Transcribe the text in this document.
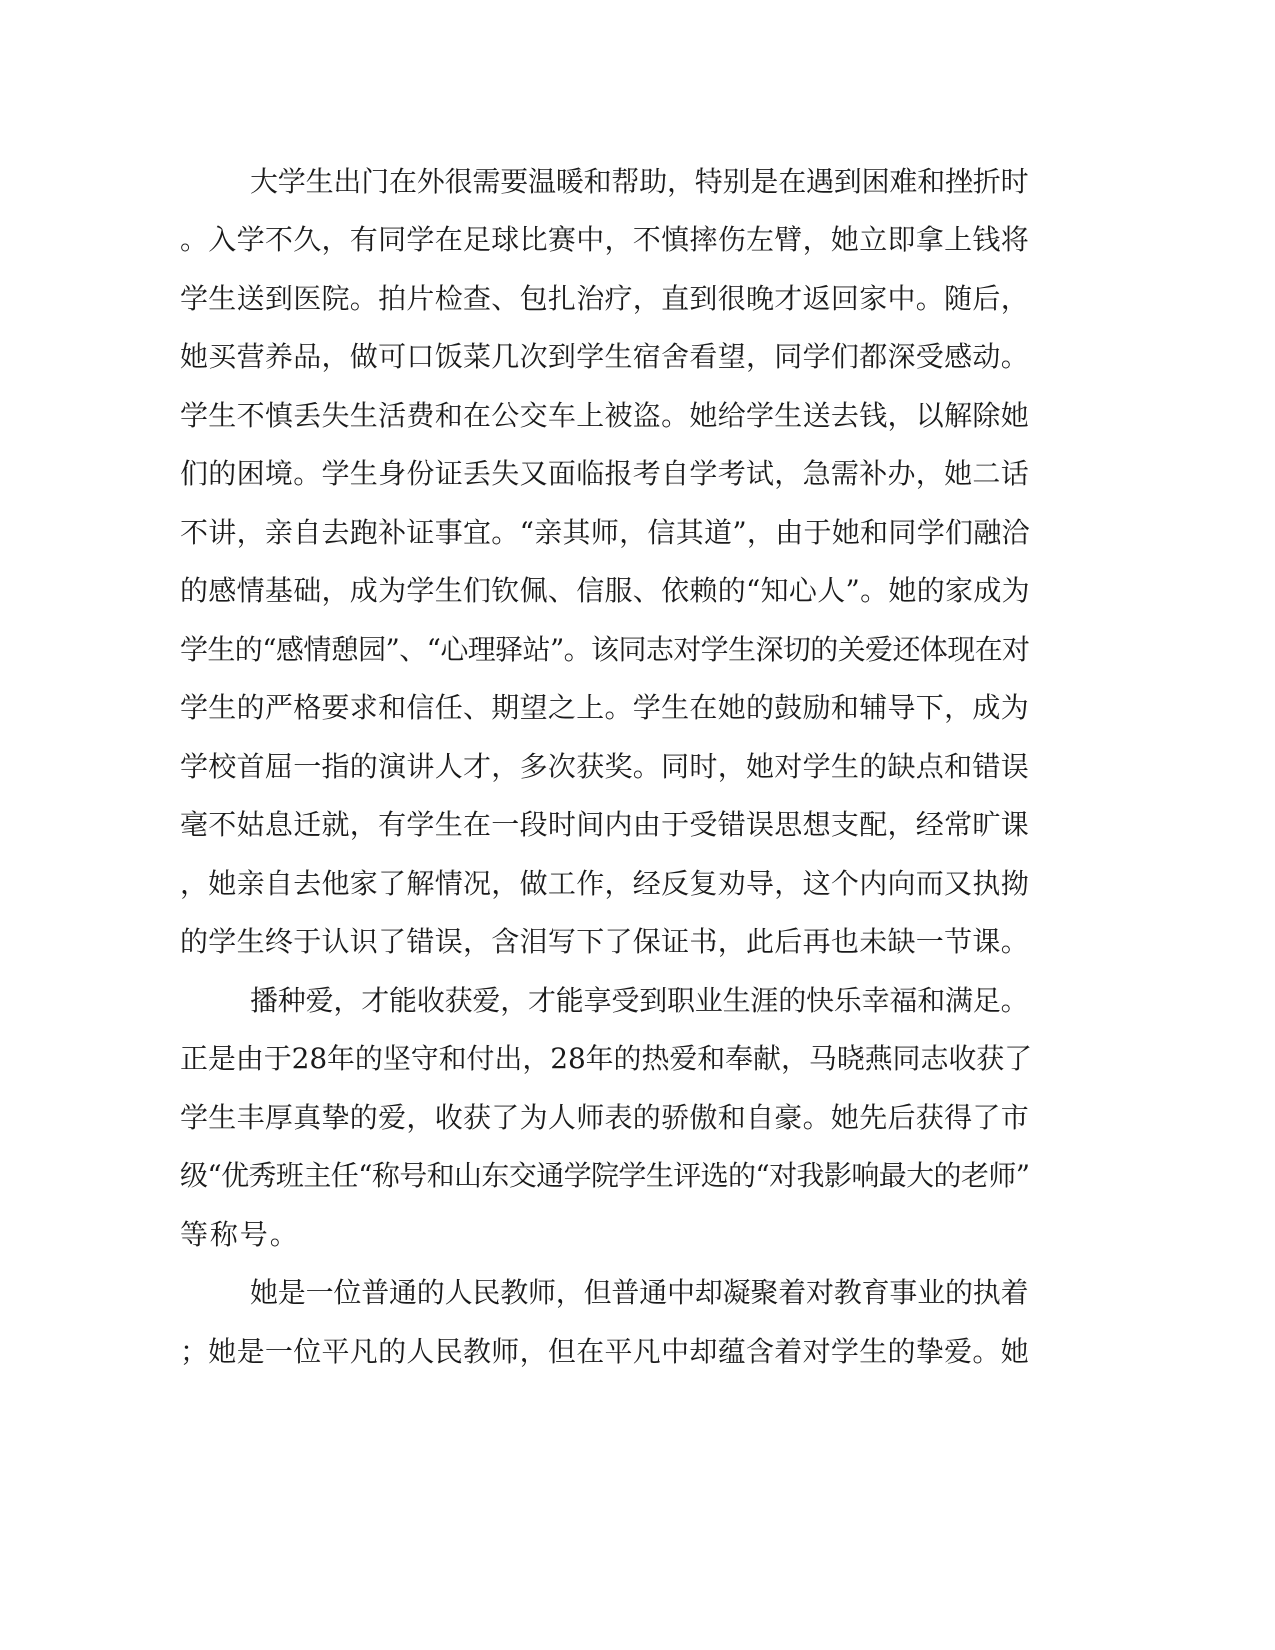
大学生出门在外很需要温暖和帮助，特别是在遇到困难和挫折时
。入学不久，有同学在足球比赛中，不慎摔伤左臂，她立即拿上钱将
学生送到医院。拍片检查、包扎治疗，直到很晚才返回家中。随后，
她买营养品，做可口饭菜几次到学生宿舍看望，同学们都深受感动。
学生不慎丢失生活费和在公交车上被盗。她给学生送去钱，以解除她
们的困境。学生身份证丢失又面临报考自学考试，急需补办，她二话
不讲，亲自去跑补证事宜。“亲其师，信其道”，由于她和同学们融洽
的感情基础，成为学生们钦佩、信服、依赖的“知心人”。她的家成为
学生的“感情憩园”、“心理驿站”。该同志对学生深切的关爱还体现在对
学生的严格要求和信任、期望之上。学生在她的鼓励和辅导下，成为
学校首屈一指的演讲人才，多次获奖。同时，她对学生的缺点和错误
毫不姑息迁就，有学生在一段时间内由于受错误思想支配，经常旷课
，她亲自去他家了解情况，做工作，经反复劝导，这个内向而又执拗
的学生终于认识了错误，含泪写下了保证书，此后再也未缺一节课。
播种爱，才能收获爱，才能享受到职业生涯的快乐幸福和满足。
正是由于28年的坚守和付出，28年的热爱和奉献，马晓燕同志收获了
学生丰厚真挚的爱，收获了为人师表的骄傲和自豪。她先后获得了市
级“优秀班主任“称号和山东交通学院学生评选的“对我影响最大的老师”
等称号。
她是一位普通的人民教师，但普通中却凝聚着对教育事业的执着
；她是一位平凡的人民教师，但在平凡中却蕴含着对学生的挚爱。她
